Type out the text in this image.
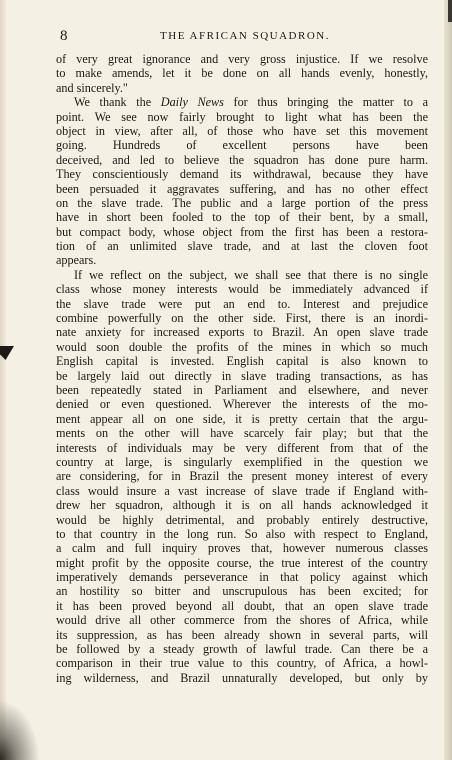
8	THE AFRICAN SQUADRON.
of very great ignorance and very gross injustice. If we resolve
to make amends, let it be done on all hands evenly, honestly,
and sincerely."
We thank the Daily News for thus bringing the matter to a
point. We see now fairly brought to light what has been the
object in view, after all, of those who have set this movement
going. Hundreds of excellent persons have been
deceived, and led to believe the squadron has done pure harm.
They conscientiously demand its withdrawal, because they have
been persuaded it aggravates suffering, and has no other effect
on the slave trade. The public and a large portion of the press
have in short been fooled to the top of their bent, by a small,
but compact body, whose object from the first has been a restora-
tion of an unlimited slave trade, and at last the cloven foot
appears.
If we reflect on the subject, we shall see that there is no single
class whose money interests would be immediately advanced if
the slave trade were put an end to. Interest and prejudice
combine powerfully on the other side. First, there is an inordi-
nate anxiety for increased exports to Brazil. An open slave trade
would soon double the profits of the mines in which so much
English capital is invested. English capital is also known to
be largely laid out directly in slave trading transactions, as has
been repeatedly stated in Parliament and elsewhere, and never
denied or even questioned. Wherever the interests of the mo-
ment appear all on one side, it is pretty certain that the argu-
ments on the other will have scarcely fair play; but that the
interests of individuals may be very different from that of the
country at large, is singularly exemplified in the question we
are considering, for in Brazil the present money interest of every
class would insure a vast increase of slave trade if England with-
drew her squadron, although it is on all hands acknowledged it
would be highly detrimental, and probably entirely destructive,
to that country in the long run. So also with respect to England,
a calm and full inquiry proves that, however numerous classes
might profit by the opposite course, the true interest of the country
imperatively demands perseverance in that policy against which
an hostility so bitter and unscrupulous has been excited; for
it has been proved beyond all doubt, that an open slave trade
would drive all other commerce from the shores of Africa, while
its suppression, as has been already shown in several parts, will
be followed by a steady growth of lawful trade. Can there be a
comparison in their true value to this country, of Africa, a howl-
ing wilderness, and Brazil unnaturally developed, but only by
